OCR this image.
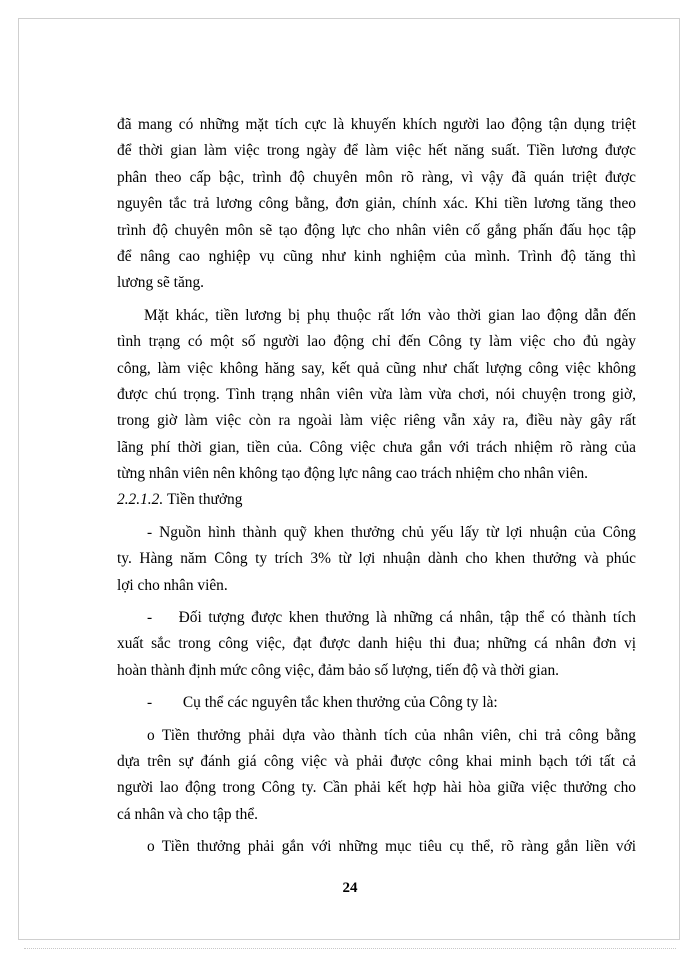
đã mang có những mặt tích cực là khuyến khích người lao động tận dụng triệt
để thời gian làm việc trong ngày để làm việc hết năng suất. Tiền lương được
phân theo cấp bậc, trình độ chuyên môn rõ ràng, vì vậy đã quán triệt được
nguyên tắc trả lương công bằng, đơn giản, chính xác. Khi tiền lương tăng theo
trình độ chuyên môn sẽ tạo động lực cho nhân viên cố gắng phấn đấu học tập
để nâng cao nghiệp vụ cũng như kinh nghiệm của mình. Trình độ tăng thì
lương sẽ tăng.
Mặt khác, tiền lương bị phụ thuộc rất lớn vào thời gian lao động dẫn đến
tình trạng có một số người lao động chỉ đến Công ty làm việc cho đủ ngày
công, làm việc không hăng say, kết quả cũng như chất lượng công việc không
được chú trọng. Tình trạng nhân viên vừa làm vừa chơi, nói chuyện trong giờ,
trong giờ làm việc còn ra ngoài làm việc riêng vẫn xảy ra, điều này gây rất
lãng phí thời gian, tiền của. Công việc chưa gắn với trách nhiệm rõ ràng của
từng nhân viên nên không tạo động lực nâng cao trách nhiệm cho nhân viên.
2.2.1.2. Tiền thưởng
- Nguồn hình thành quỹ khen thưởng chủ yếu lấy từ lợi nhuận của Công
ty. Hàng năm Công ty trích 3% từ lợi nhuận dành cho khen thưởng và phúc
lợi cho nhân viên.
-    Đối tượng được khen thưởng là những cá nhân, tập thể có thành tích
xuất sắc trong công việc, đạt được danh hiệu thi đua; những cá nhân đơn vị
hoàn thành định mức công việc, đảm bảo số lượng, tiến độ và thời gian.
-        Cụ thể các nguyên tắc khen thưởng của Công ty là:
o Tiền thưởng phải dựa vào thành tích của nhân viên, chi trả công bằng
dựa trên sự đánh giá công việc và phải được công khai minh bạch tới tất cả
người lao động trong Công ty. Cần phải kết hợp hài hòa giữa việc thưởng cho
cá nhân và cho tập thể.
o Tiền thưởng phải gắn với những mục tiêu cụ thể, rõ ràng gắn liền với
24
